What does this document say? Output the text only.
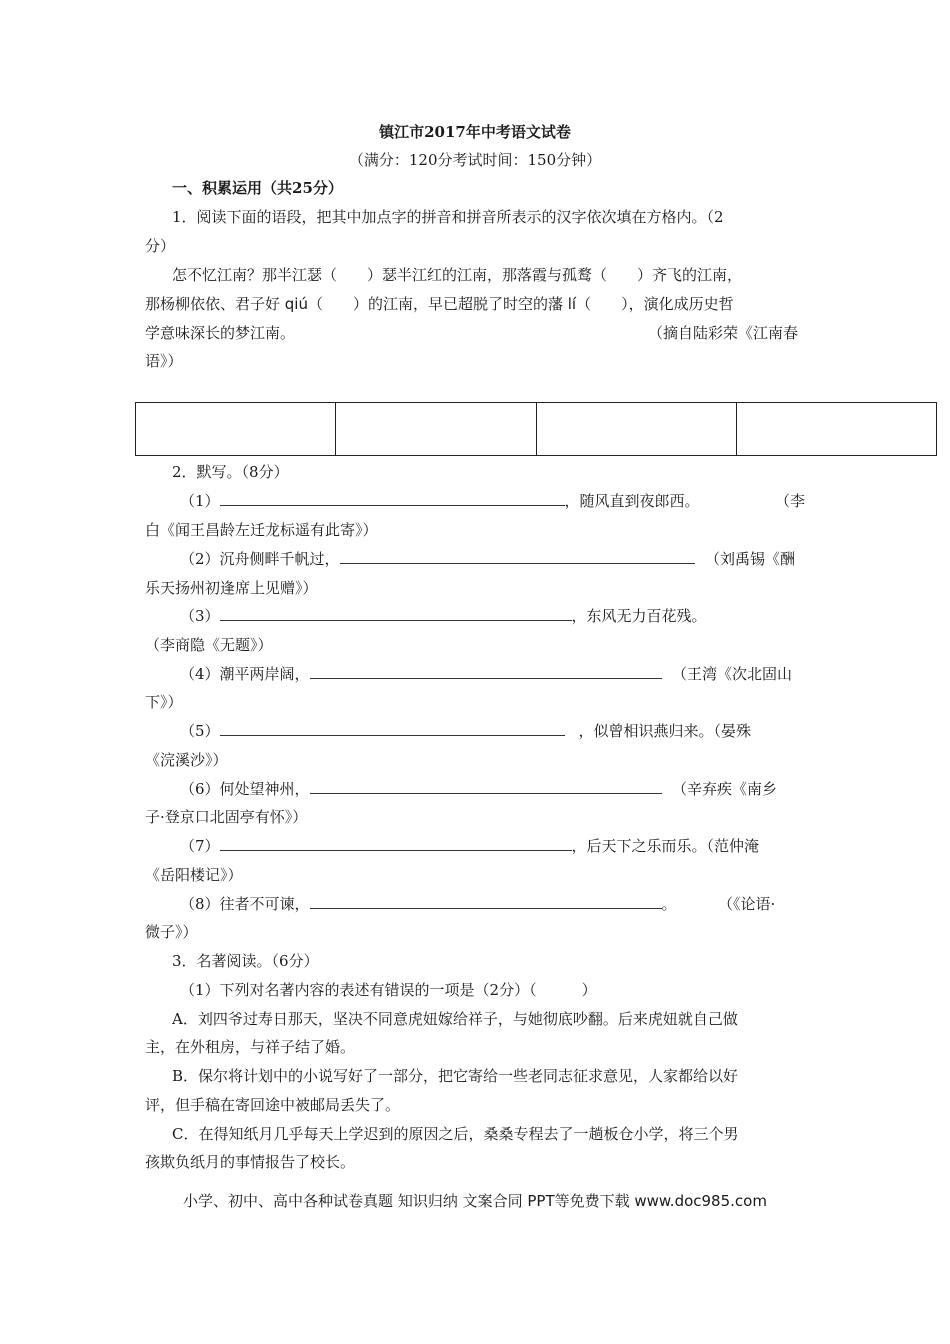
镇江市2017年中考语文试卷
（满分：120分考试时间：150分钟）
一、积累运用（共25分）
1．阅读下面的语段，把其中加点字的拼音和拼音所表示的汉字依次填在方格内。（2
分）
怎不忆江南？那半江瑟（　　）瑟半江红的江南，那落霞与孤鹜（　　）齐飞的江南，
那杨柳依依、君子好 qiú（　　）的江南，早已超脱了时空的藩 lí（　　），演化成历史哲
学意味深长的梦江南。	（摘自陆彩荣《江南春
语》）

2．默写。（8分）
（1）	，随风直到夜郎西。	（李
白《闻王昌龄左迁龙标遥有此寄》）
（2）沉舟侧畔千帆过，	（刘禹锡《酬
乐天扬州初逢席上见赠》）
（3）	，东风无力百花残。
（李商隐《无题》）
（4）潮平两岸阔，	（王湾《次北固山
下》）
（5）	，似曾相识燕归来。（晏殊
《浣溪沙》）
（6）何处望神州，	（辛弃疾《南乡
子·登京口北固亭有怀》）
（7）	，后天下之乐而乐。（范仲淹
《岳阳楼记》）
（8）往者不可谏，	。	（《论语·
微子》）
3．名著阅读。（6分）
（1）下列对名著内容的表述有错误的一项是（2分）（　　　）
A．刘四爷过寿日那天，坚决不同意虎妞嫁给祥子，与她彻底吵翻。后来虎妞就自己做
主，在外租房，与祥子结了婚。
B．保尔将计划中的小说写好了一部分，把它寄给一些老同志征求意见，人家都给以好
评，但手稿在寄回途中被邮局丢失了。
C．在得知纸月几乎每天上学迟到的原因之后，桑桑专程去了一趟板仓小学，将三个男
孩欺负纸月的事情报告了校长。
小学、初中、高中各种试卷真题 知识归纳 文案合同 PPT等免费下载 www.doc985.com
